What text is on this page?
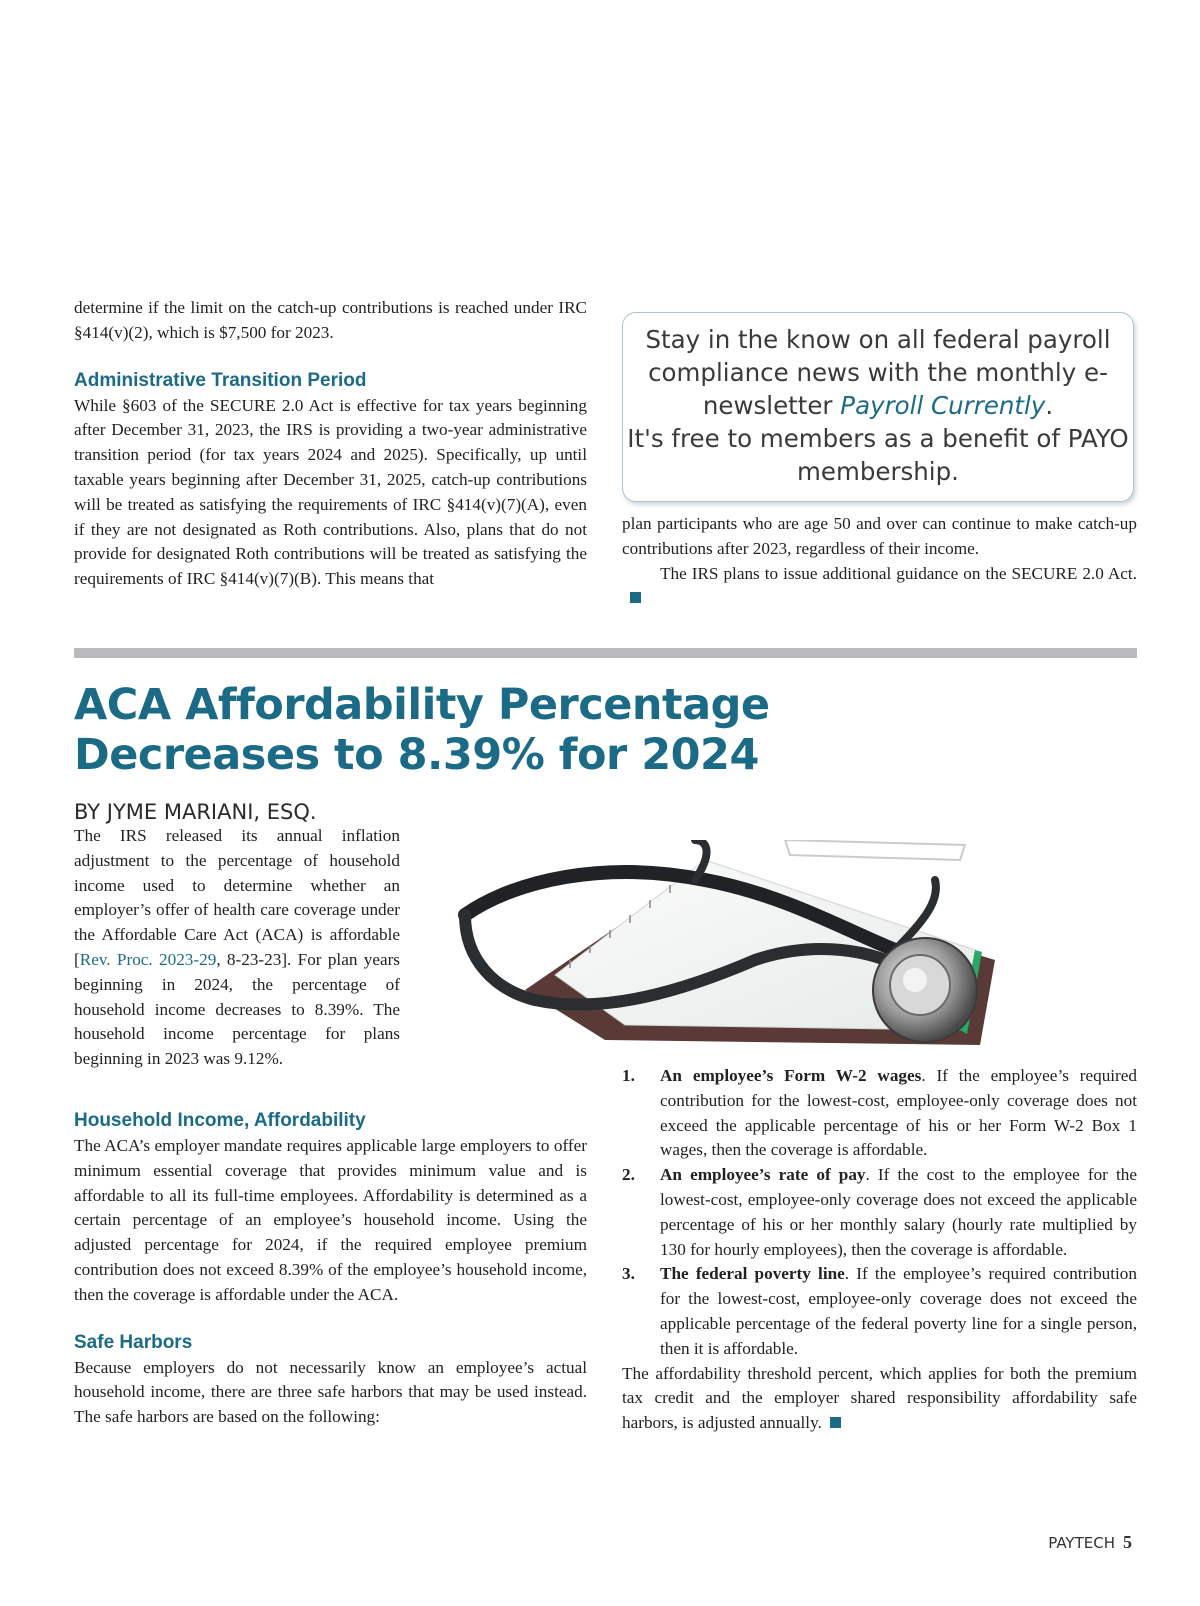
determine if the limit on the catch-up contributions is reached under IRC §414(v)(2), which is $7,500 for 2023.

Administrative Transition Period

While §603 of the SECURE 2.0 Act is effective for tax years beginning after December 31, 2023, the IRS is providing a two-year administrative transition period (for tax years 2024 and 2025). Specifically, up until taxable years beginning after December 31, 2025, catch-up contributions will be treated as satisfying the requirements of IRC §414(v)(7)(A), even if they are not designated as Roth contributions. Also, plans that do not provide for designated Roth contributions will be treated as satisfying the requirements of IRC §414(v)(7)(B). This means that

Stay in the know on all federal payroll compliance news with the monthly e-newsletter Payroll Currently.
It's free to members as a benefit of PAYO membership.

plan participants who are age 50 and over can continue to make catch-up contributions after 2023, regardless of their income.

The IRS plans to issue additional guidance on the SECURE 2.0 Act.

ACA Affordability Percentage
Decreases to 8.39% for 2024
BY JYME MARIANI, ESQ.

The IRS released its annual inflation adjustment to the percentage of household income used to determine whether an employer’s offer of health care coverage under the Affordable Care Act (ACA) is affordable [Rev. Proc. 2023-29, 8-23-23]. For plan years beginning in 2024, the percentage of household income decreases to 8.39%. The household income percentage for plans beginning in 2023 was 9.12%.

Household Income, Affordability

The ACA’s employer mandate requires applicable large employers to offer minimum essential coverage that provides minimum value and is affordable to all its full-time employees. Affordability is determined as a certain percentage of an employee’s household income. Using the adjusted percentage for 2024, if the required employee premium contribution does not exceed 8.39% of the employee’s household income, then the coverage is affordable under the ACA.

Safe Harbors

Because employers do not necessarily know an employee’s actual household income, there are three safe harbors that may be used instead. The safe harbors are based on the following:

1. An employee’s Form W-2 wages. If the employee’s required contribution for the lowest-cost, employee-only coverage does not exceed the applicable percentage of his or her Form W-2 Box 1 wages, then the coverage is affordable.
2. An employee’s rate of pay. If the cost to the employee for the lowest-cost, employee-only coverage does not exceed the applicable percentage of his or her monthly salary (hourly rate multiplied by 130 for hourly employees), then the coverage is affordable.
3. The federal poverty line. If the employee’s required contribution for the lowest-cost, employee-only coverage does not exceed the applicable percentage of the federal poverty line for a single person, then it is affordable.

The affordability threshold percent, which applies for both the premium tax credit and the employer shared responsibility affordability safe harbors, is adjusted annually.

PAYTECH 5
